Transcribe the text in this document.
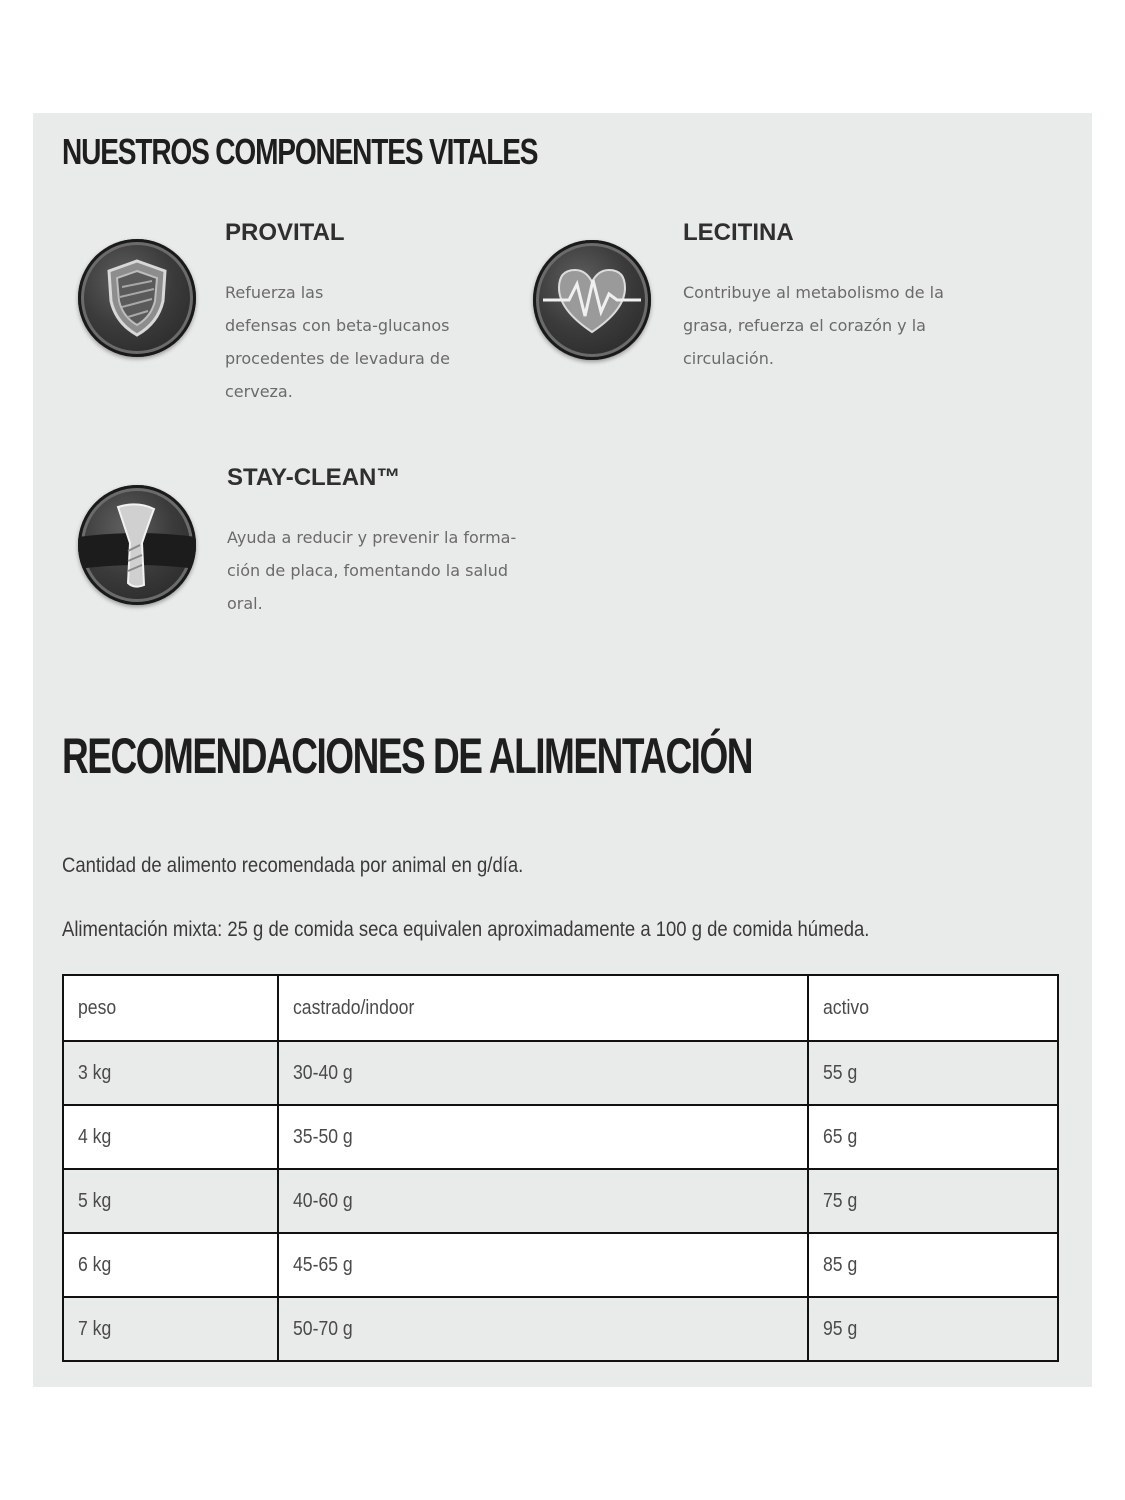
NUESTROS COMPONENTES VITALES
PROVITAL
Refuerza las
defensas con beta-glucanos
procedentes de levadura de
cerveza.
LECITINA
Contribuye al metabolismo de la
grasa, refuerza el corazón y la
circulación.
STAY-CLEAN™
Ayuda a reducir y prevenir la forma-
ción de placa, fomentando la salud
oral.
RECOMENDACIONES DE ALIMENTACIÓN
Cantidad de alimento recomendada por animal en g/día.
Alimentación mixta: 25 g de comida seca equivalen aproximadamente a 100 g de comida húmeda.
peso	castrado/indoor	activo
3 kg	30-40 g	55 g
4 kg	35-50 g	65 g
5 kg	40-60 g	75 g
6 kg	45-65 g	85 g
7 kg	50-70 g	95 g
